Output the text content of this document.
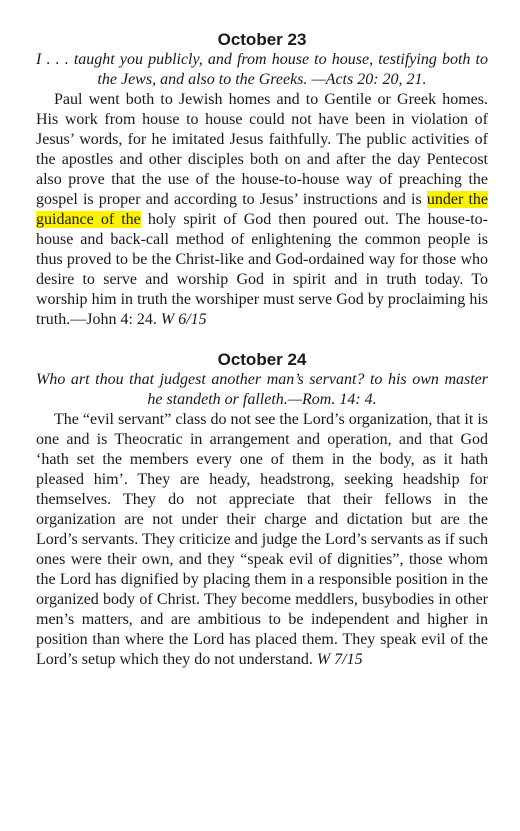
October 23

I . . . taught you publicly, and from house to house, testifying both to the Jews, and also to the Greeks. —Acts 20: 20, 21.

Paul went both to Jewish homes and to Gentile or Greek homes. His work from house to house could not have been in violation of Jesus’ words, for he imitated Jesus faithfully. The public activities of the apostles and other disciples both on and after the day Pentecost also prove that the use of the house-to-house way of preaching the gospel is proper and according to Jesus’ instructions and is under the guidance of the holy spirit of God then poured out. The house-to-house and back-call method of enlightening the common people is thus proved to be the Christ-like and God-ordained way for those who desire to serve and worship God in spirit and in truth today. To worship him in truth the worshiper must serve God by proclaiming his truth.—John 4: 24. W 6/15

October 24

Who art thou that judgest another man’s servant? to his own master he standeth or falleth.—Rom. 14: 4.

The “evil servant” class do not see the Lord’s organization, that it is one and is Theocratic in arrangement and operation, and that God ‘hath set the members every one of them in the body, as it hath pleased him’. They are heady, headstrong, seeking headship for themselves. They do not appreciate that their fellows in the organization are not under their charge and dictation but are the Lord’s servants. They criticize and judge the Lord’s servants as if such ones were their own, and they “speak evil of dignities”, those whom the Lord has dignified by placing them in a responsible position in the organized body of Christ. They become meddlers, busybodies in other men’s matters, and are ambitious to be independent and higher in position than where the Lord has placed them. They speak evil of the Lord’s setup which they do not understand. W 7/15
